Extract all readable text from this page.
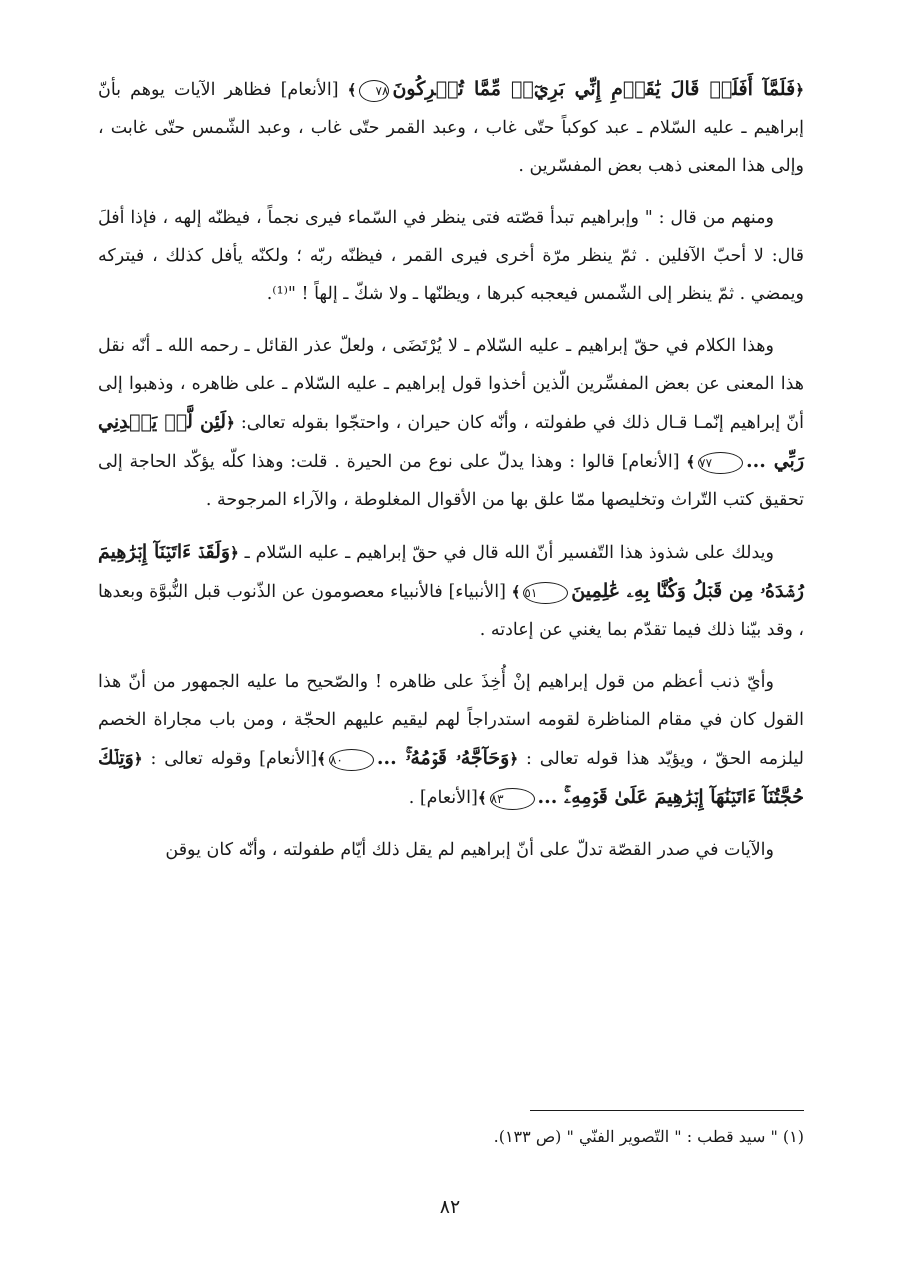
﴿فَلَمَّآ أَفَلَتۡ قَالَ يَٰقَوۡمِ إِنِّي بَرِيٓءٞ مِّمَّا تُشۡرِكُونَ٧٨﴾ [الأنعام] فظاهر الآيات يوهم بأنّ إبراهيم ـ عليه السّلام ـ عبد كوكباً حتّى غاب ، وعبد القمر حتّى غاب ، وعبد الشّمس حتّى غابت ، وإلى هذا المعنى ذهب بعض المفسّرين .

ومنهم من قال : " وإبراهيم تبدأ قصّته فتى ينظر في السّماء فيرى نجماً ، فيظنّه إلهه ، فإذا أفلَ قال: لا أحبّ الآفلين . ثمّ ينظر مرّة أخرى فيرى القمر ، فيظنّه ربّه ؛ ولكنّه يأفل كذلك ، فيتركه ويمضي . ثمّ ينظر إلى الشّمس فيعجبه كبرها ، ويظنّها ـ ولا شكّ ـ إلهاً ! "⁽¹⁾.

وهذا الكلام في حقّ إبراهيم ـ عليه السّلام ـ لا يُرْتَضَى ، ولعلّ عذر القائل ـ رحمه الله ـ أنّه نقل هذا المعنى عن بعض المفسِّرين الّذين أخذوا قول إبراهيم ـ عليه السّلام ـ على ظاهره ، وذهبوا إلى أنّ إبراهيم إنّمـا قـال ذلك في طفولته ، وأنّه كان حيران ، واحتجّوا بقوله تعالى: ﴿لَئِن لَّمۡ يَهۡدِنِي رَبِّي ...٧٧﴾ [الأنعام] قالوا : وهذا يدلّ على نوع من الحيرة . قلت: وهذا كلّه يؤكّد الحاجة إلى تحقيق كتب التّراث وتخليصها ممّا علق بها من الأقوال المغلوطة ، والآراء المرجوحة .

ويدلك على شذوذ هذا التّفسير أنّ الله قال في حقّ إبراهيم ـ عليه السّلام ـ ﴿وَلَقَدۡ ءَاتَيۡنَآ إِبۡرَٰهِيمَ رُشۡدَهُۥ مِن قَبۡلُ وَكُنَّا بِهِۦ عَٰلِمِينَ٥١﴾ [الأنبياء] فالأنبياء معصومون عن الذّنوب قبل النُّبوَّة وبعدها ، وقد بيّنا ذلك فيما تقدّم بما يغني عن إعادته .

وأيّ ذنب أعظم من قول إبراهيم إنْ أُخِذَ على ظاهره ! والصّحيح ما عليه الجمهور من أنّ هذا القول كان في مقام المناظرة لقومه استدراجاً لهم ليقيم عليهم الحجّة ، ومن باب مجاراة الخصم ليلزمه الحقّ ، ويؤيّد هذا قوله تعالى : ﴿وَحَآجَّهُۥ قَوۡمُهُۥۚ ...٨٠﴾[الأنعام] وقوله تعالى : ﴿وَتِلۡكَ حُجَّتُنَآ ءَاتَيۡنَٰهَآ إِبۡرَٰهِيمَ عَلَىٰ قَوۡمِهِۦۚ ...٨٣﴾[الأنعام] .

والآيات في صدر القصّة تدلّ على أنّ إبراهيم لم يقل ذلك أيّام طفولته ، وأنّه كان يوقن

(١) " سيد قطب : " التّصوير الفنّي " (ص ١٣٣).
٨٢
